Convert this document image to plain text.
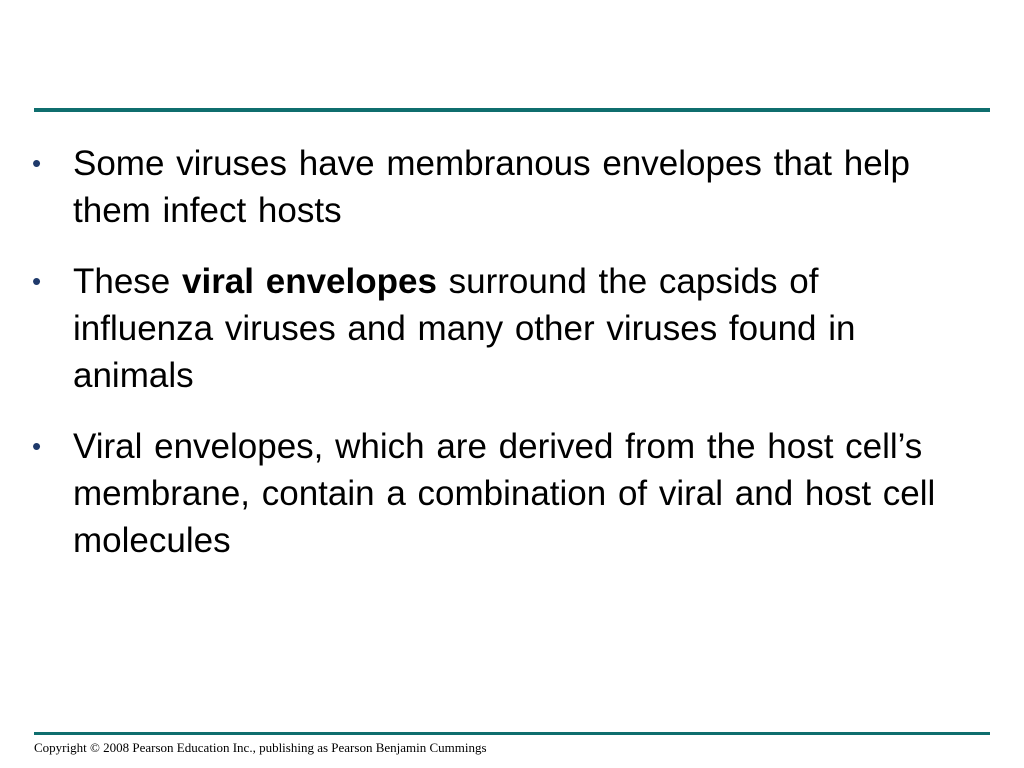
• Some viruses have membranous envelopes that help them infect hosts
• These viral envelopes surround the capsids of influenza viruses and many other viruses found in animals
• Viral envelopes, which are derived from the host cell’s membrane, contain a combination of viral and host cell molecules
Copyright © 2008 Pearson Education Inc., publishing as Pearson Benjamin Cummings
